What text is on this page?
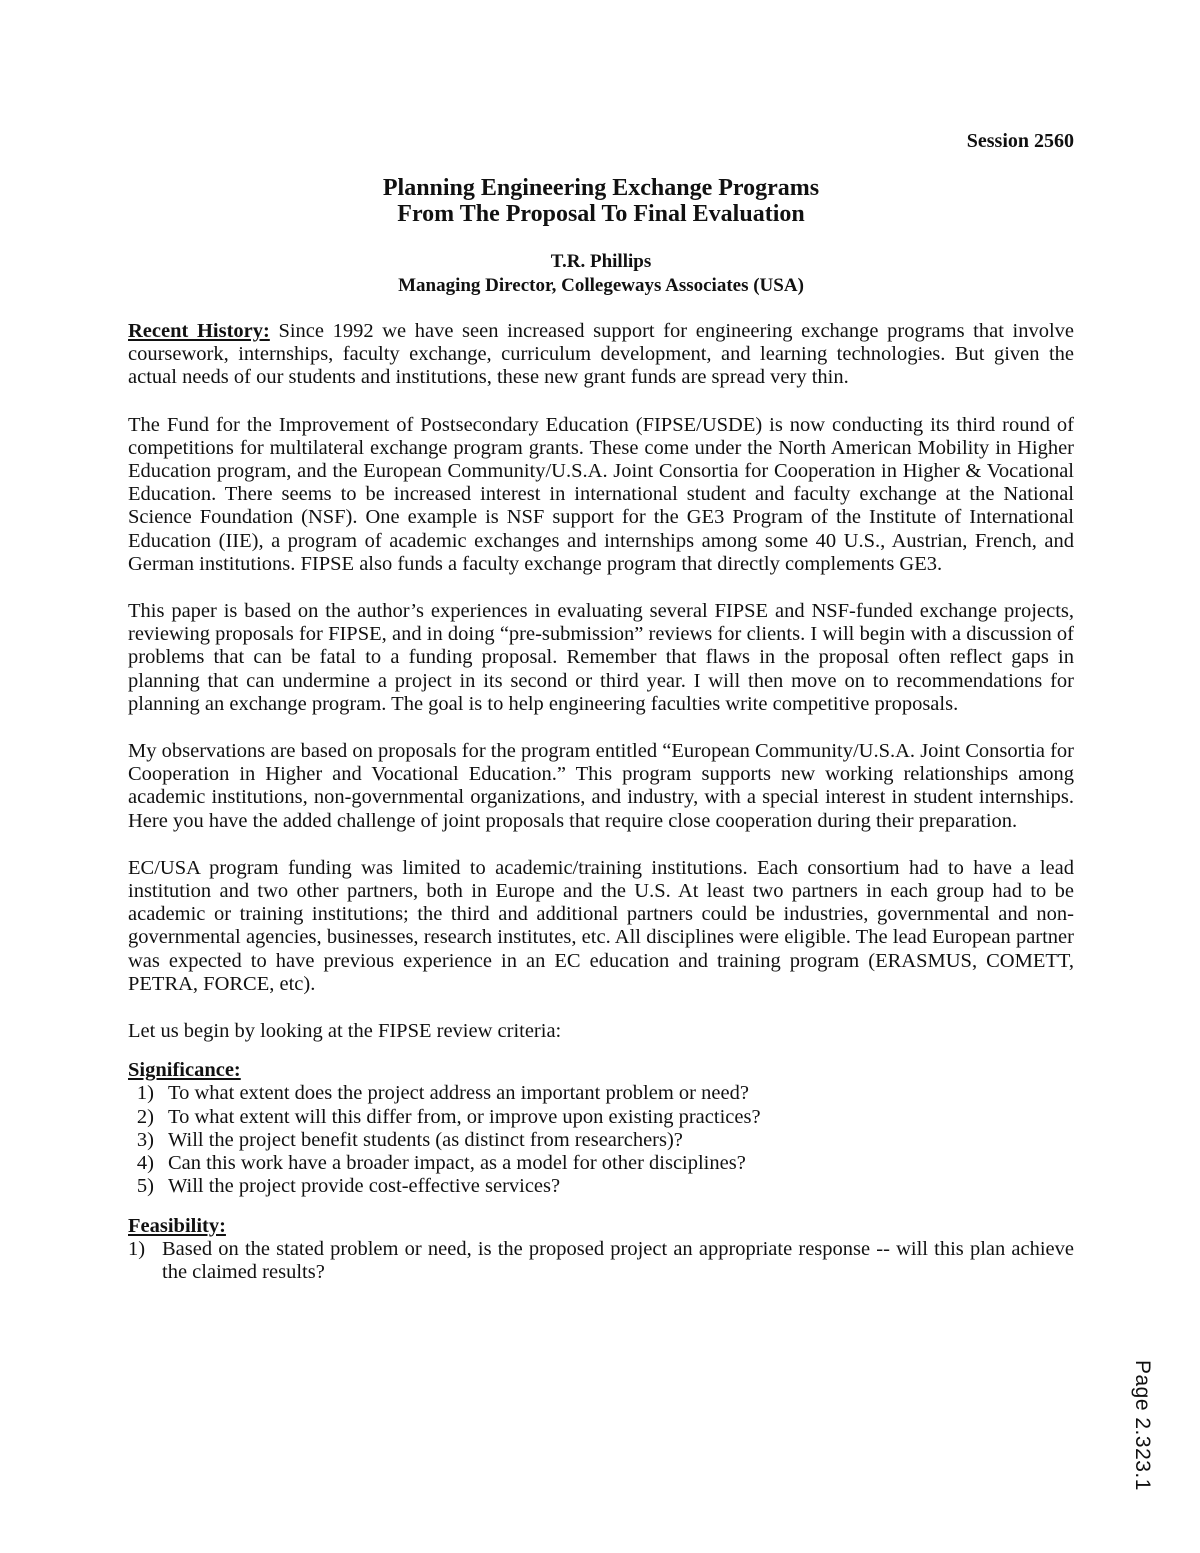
Session 2560
Planning Engineering Exchange Programs
From The Proposal To Final Evaluation
T.R. Phillips
Managing Director, Collegeways Associates (USA)

Recent History: Since 1992 we have seen increased support for engineering exchange programs that involve coursework, internships, faculty exchange, curriculum development, and learning technologies. But given the actual needs of our students and institutions, these new grant funds are spread very thin.

The Fund for the Improvement of Postsecondary Education (FIPSE/USDE) is now conducting its third round of competitions for multilateral exchange program grants. These come under the North American Mobility in Higher Education program, and the European Community/U.S.A. Joint Consortia for Cooperation in Higher & Vocational Education. There seems to be increased interest in international student and faculty exchange at the National Science Foundation (NSF). One example is NSF support for the GE3 Program of the Institute of International Education (IIE), a program of academic exchanges and internships among some 40 U.S., Austrian, French, and German institutions. FIPSE also funds a faculty exchange program that directly complements GE3.

This paper is based on the author’s experiences in evaluating several FIPSE and NSF-funded exchange projects, reviewing proposals for FIPSE, and in doing “pre-submission” reviews for clients. I will begin with a discussion of problems that can be fatal to a funding proposal. Remember that flaws in the proposal often reflect gaps in planning that can undermine a project in its second or third year. I will then move on to recommendations for planning an exchange program. The goal is to help engineering faculties write competitive proposals.

My observations are based on proposals for the program entitled “European Community/U.S.A. Joint Consortia for Cooperation in Higher and Vocational Education.” This program supports new working relationships among academic institutions, non-governmental organizations, and industry, with a special interest in student internships. Here you have the added challenge of joint proposals that require close cooperation during their preparation.

EC/USA program funding was limited to academic/training institutions. Each consortium had to have a lead institution and two other partners, both in Europe and the U.S. At least two partners in each group had to be academic or training institutions; the third and additional partners could be industries, governmental and non-governmental agencies, businesses, research institutes, etc. All disciplines were eligible. The lead European partner was expected to have previous experience in an EC education and training program (ERASMUS, COMETT, PETRA, FORCE, etc).

Let us begin by looking at the FIPSE review criteria:

Significance:
1) To what extent does the project address an important problem or need?
2) To what extent will this differ from, or improve upon existing practices?
3) Will the project benefit students (as distinct from researchers)?
4) Can this work have a broader impact, as a model for other disciplines?
5) Will the project provide cost-effective services?
Feasibility:
1) Based on the stated problem or need, is the proposed project an appropriate response -- will this plan achieve the claimed results?
Page 2.323.1
